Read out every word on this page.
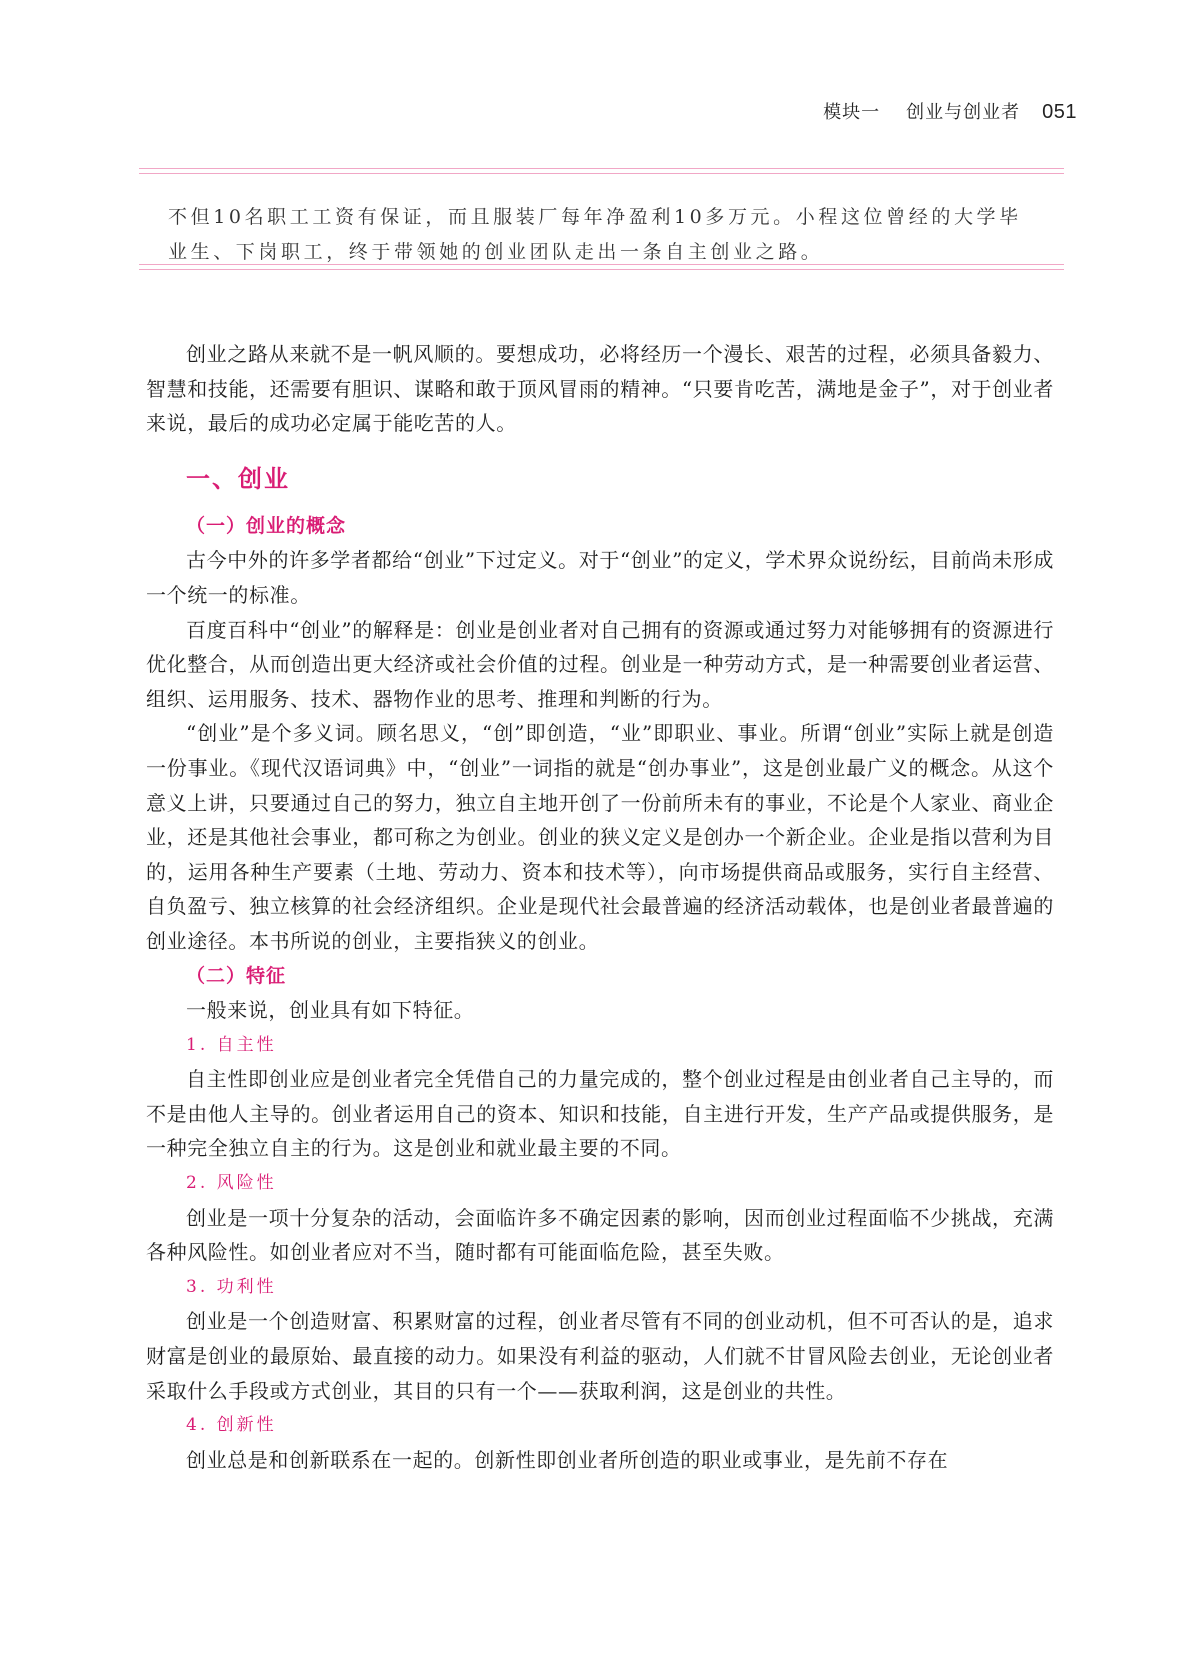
模块一 创业与创业者 051
不但10名职工工资有保证，而且服装厂每年净盈利10多万元。小程这位曾经的大学毕
业生、下岗职工，终于带领她的创业团队走出一条自主创业之路。

创业之路从来就不是一帆风顺的。要想成功，必将经历一个漫长、艰苦的过程，必须具备毅力、智慧和技能，还需要有胆识、谋略和敢于顶风冒雨的精神。“只要肯吃苦，满地是金子”，对于创业者来说，最后的成功必定属于能吃苦的人。

一、创业
（一）创业的概念

古今中外的许多学者都给“创业”下过定义。对于“创业”的定义，学术界众说纷纭，目前尚未形成一个统一的标准。

百度百科中“创业”的解释是：创业是创业者对自己拥有的资源或通过努力对能够拥有的资源进行优化整合，从而创造出更大经济或社会价值的过程。创业是一种劳动方式，是一种需要创业者运营、组织、运用服务、技术、器物作业的思考、推理和判断的行为。

“创业”是个多义词。顾名思义，“创”即创造，“业”即职业、事业。所谓“创业”实际上就是创造一份事业。《现代汉语词典》中，“创业”一词指的就是“创办事业”，这是创业最广义的概念。从这个意义上讲，只要通过自己的努力，独立自主地开创了一份前所未有的事业，不论是个人家业、商业企业，还是其他社会事业，都可称之为创业。创业的狭义定义是创办一个新企业。企业是指以营利为目的，运用各种生产要素（土地、劳动力、资本和技术等），向市场提供商品或服务，实行自主经营、自负盈亏、独立核算的社会经济组织。企业是现代社会最普遍的经济活动载体，也是创业者最普遍的创业途径。本书所说的创业，主要指狭义的创业。

（二）特征

一般来说，创业具有如下特征。

1. 自主性

自主性即创业应是创业者完全凭借自己的力量完成的，整个创业过程是由创业者自己主导的，而不是由他人主导的。创业者运用自己的资本、知识和技能，自主进行开发，生产产品或提供服务，是一种完全独立自主的行为。这是创业和就业最主要的不同。

2. 风险性

创业是一项十分复杂的活动，会面临许多不确定因素的影响，因而创业过程面临不少挑战，充满各种风险性。如创业者应对不当，随时都有可能面临危险，甚至失败。

3. 功利性

创业是一个创造财富、积累财富的过程，创业者尽管有不同的创业动机，但不可否认的是，追求财富是创业的最原始、最直接的动力。如果没有利益的驱动，人们就不甘冒风险去创业，无论创业者采取什么手段或方式创业，其目的只有一个——获取利润，这是创业的共性。

4. 创新性

创业总是和创新联系在一起的。创新性即创业者所创造的职业或事业，是先前不存在
